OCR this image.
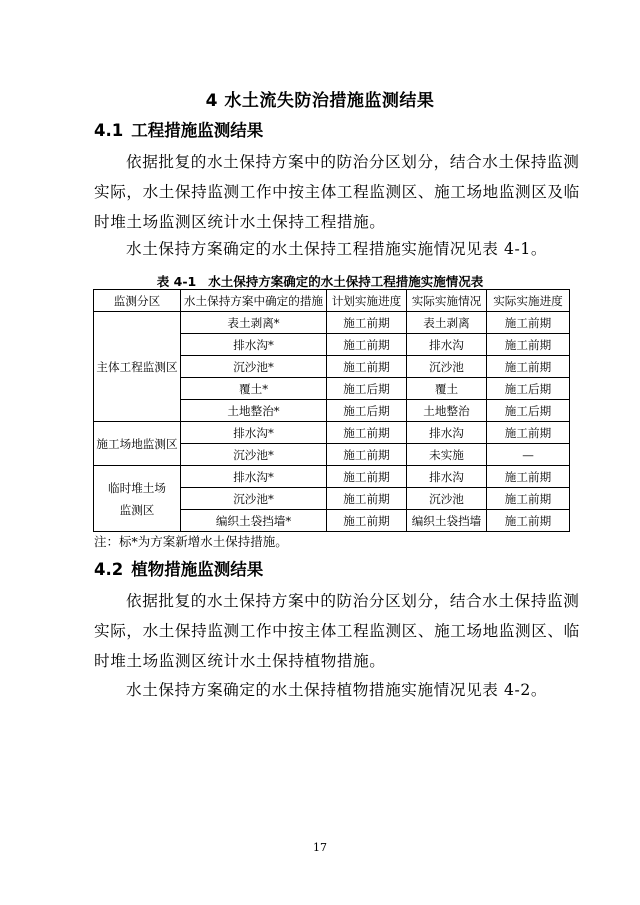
4 水土流失防治措施监测结果
4.1 工程措施监测结果
依据批复的水土保持方案中的防治分区划分，结合水土保持监测
实际，水土保持监测工作中按主体工程监测区、施工场地监测区及临
时堆土场监测区统计水土保持工程措施。
水土保持方案确定的水土保持工程措施实施情况见表 4-1。
表 4-1 水土保持方案确定的水土保持工程措施实施情况表
监测分区	水土保持方案中确定的措施	计划实施进度	实际实施情况	实际实施进度
主体工程监测区	表土剥离*	施工前期	表土剥离	施工前期
	排水沟*	施工前期	排水沟	施工前期
	沉沙池*	施工前期	沉沙池	施工前期
	覆土*	施工后期	覆土	施工后期
	土地整治*	施工后期	土地整治	施工后期
施工场地监测区	排水沟*	施工前期	排水沟	施工前期
	沉沙池*	施工前期	未实施	—
临时堆土场监测区	排水沟*	施工前期	排水沟	施工前期
	沉沙池*	施工前期	沉沙池	施工前期
	编织土袋挡墙*	施工前期	编织土袋挡墙	施工前期
注：标*为方案新增水土保持措施。
4.2 植物措施监测结果
依据批复的水土保持方案中的防治分区划分，结合水土保持监测
实际，水土保持监测工作中按主体工程监测区、施工场地监测区、临
时堆土场监测区统计水土保持植物措施。
水土保持方案确定的水土保持植物措施实施情况见表 4-2。
17
